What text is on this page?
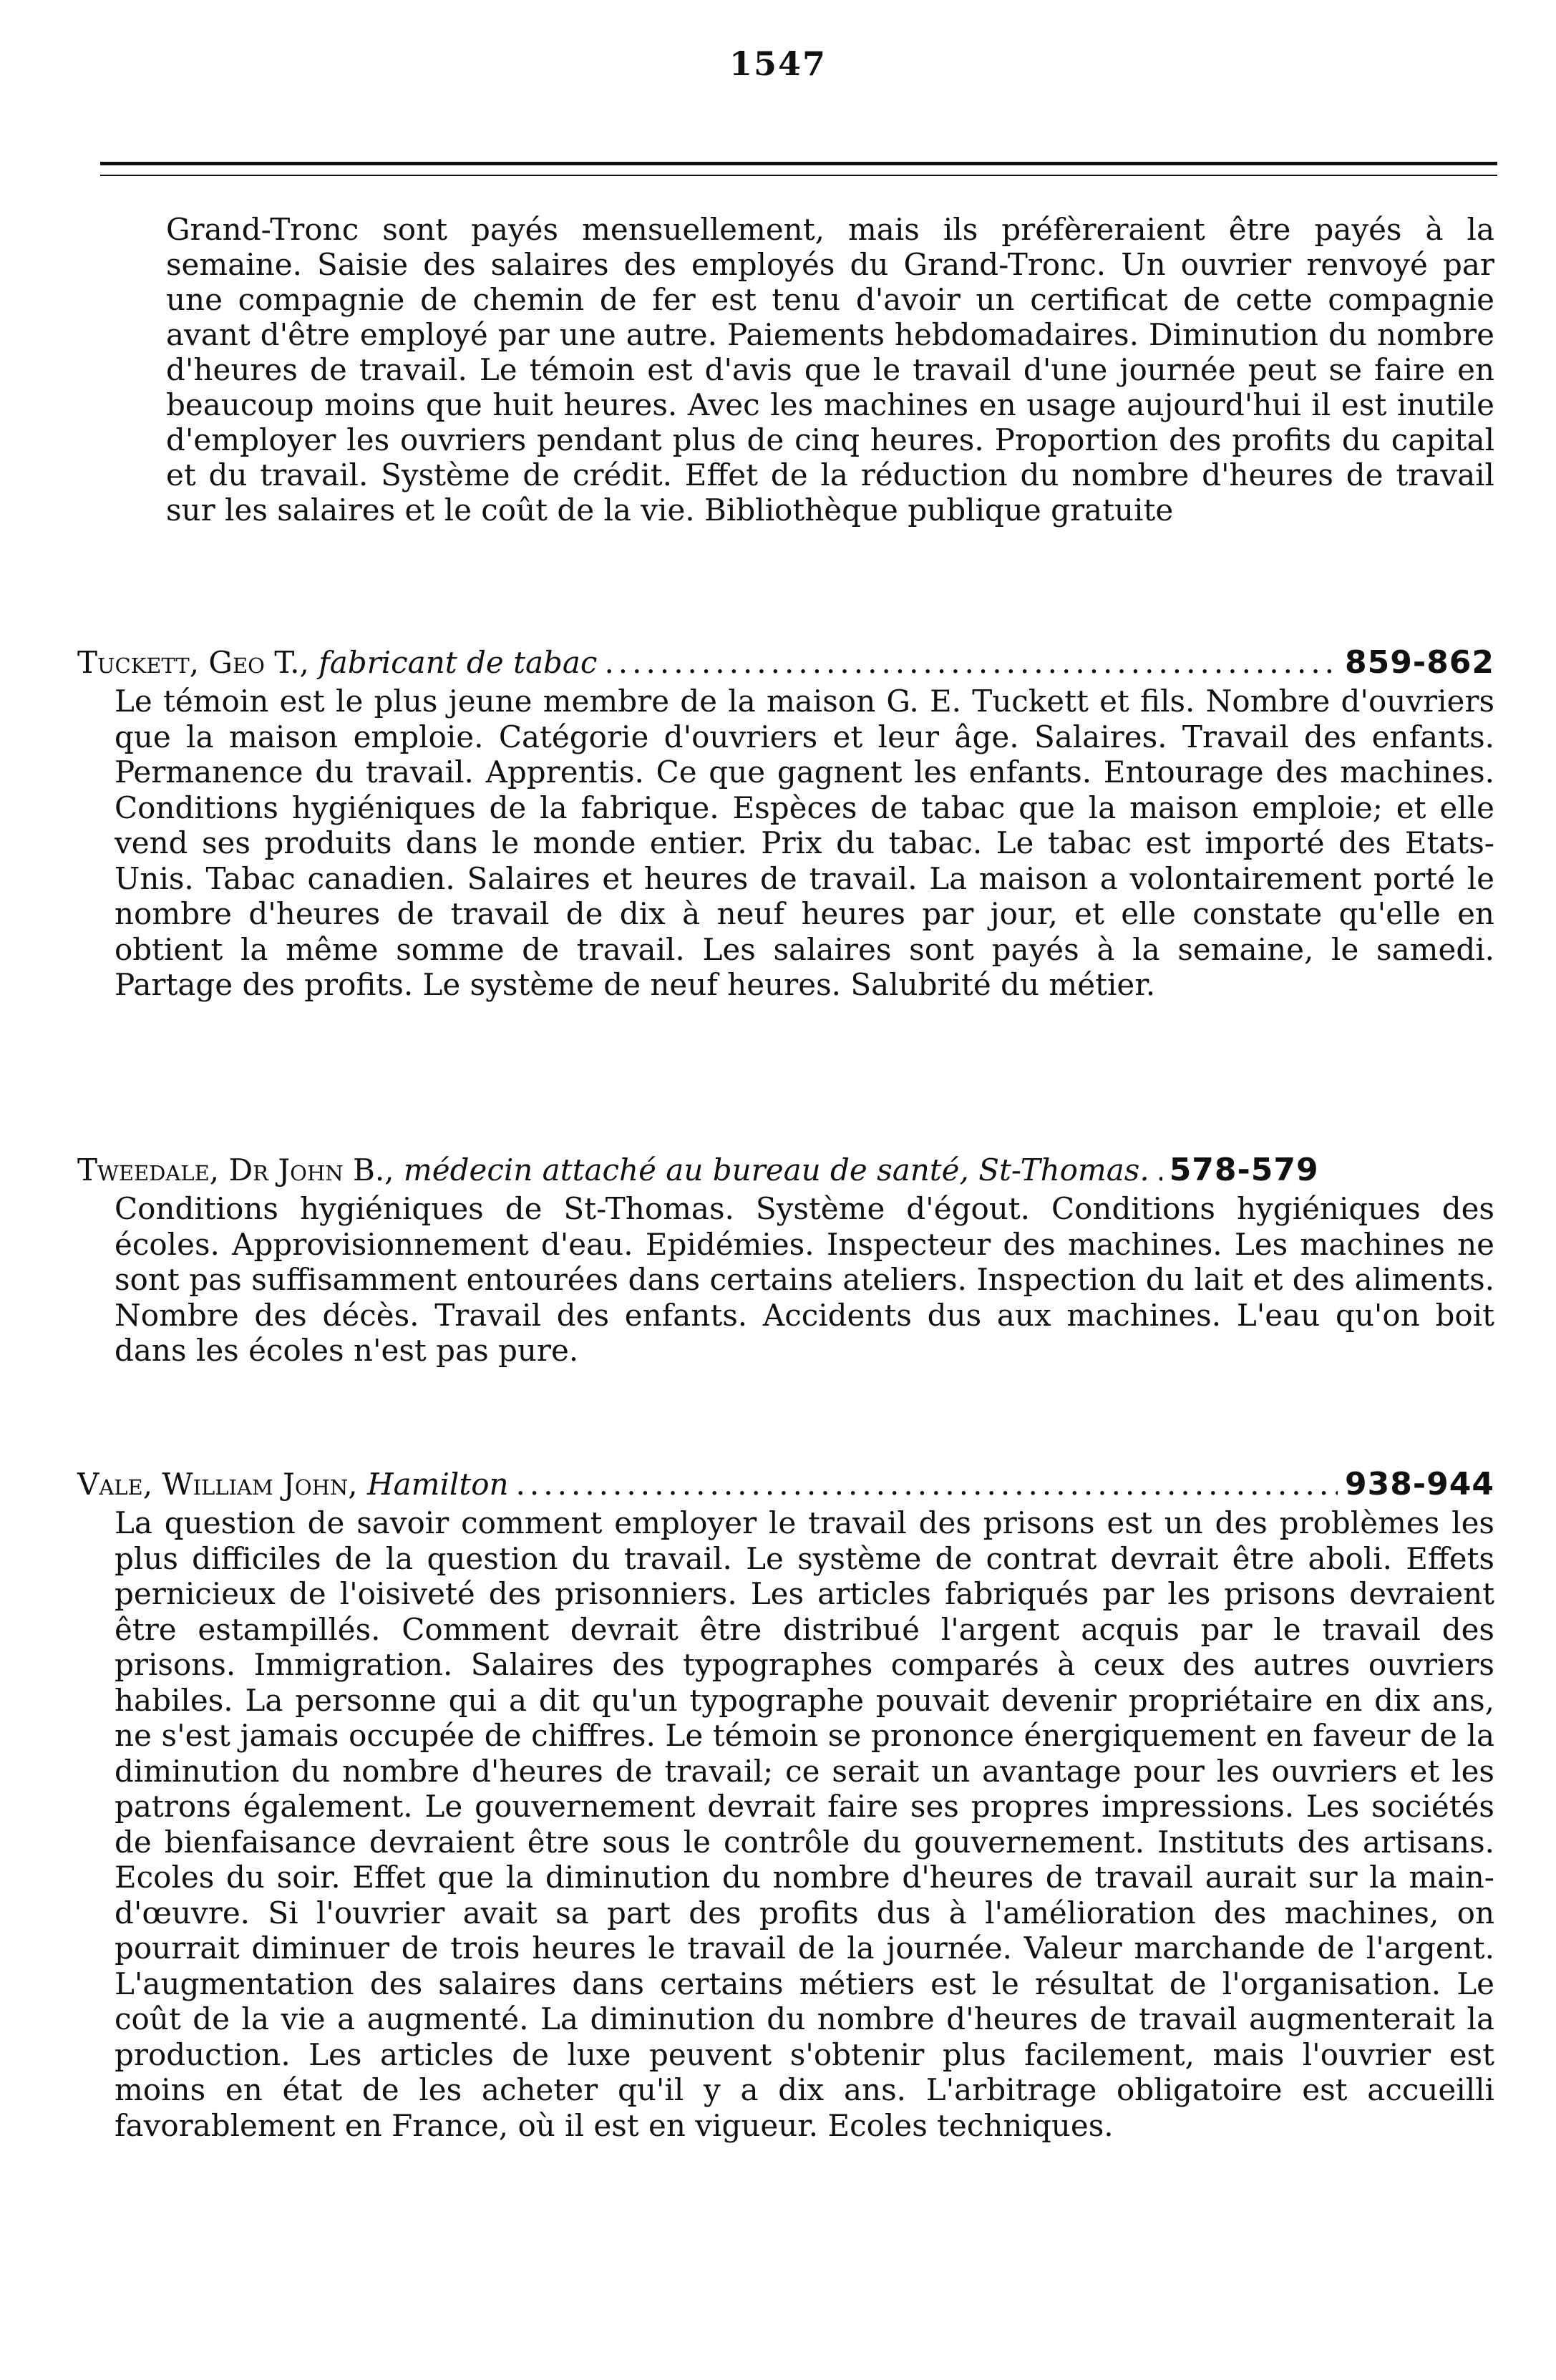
1547

Grand-Tronc sont payés mensuellement, mais ils préfèreraient être payés à la semaine. Saisie des salaires des employés du Grand-Tronc. Un ouvrier renvoyé par une compagnie de chemin de fer est tenu d'avoir un certificat de cette compagnie avant d'être employé par une autre. Paiements hebdomadaires. Diminution du nombre d'heures de travail. Le témoin est d'avis que le travail d'une journée peut se faire en beaucoup moins que huit heures. Avec les machines en usage aujourd'hui il est inutile d'employer les ouvriers pendant plus de cinq heures. Proportion des profits du capital et du travail. Système de crédit. Effet de la réduction du nombre d'heures de travail sur les salaires et le coût de la vie. Bibliothèque publique gratuite

Tuckett, Geo T.,
fabricant de tabac .....	859-862

Le témoin est le plus jeune membre de la maison G. E. Tuckett et fils. Nombre d'ouvriers que la maison emploie. Catégorie d'ouvriers et leur âge. Salaires. Travail des enfants. Permanence du travail. Apprentis. Ce que gagnent les enfants. Entourage des machines. Conditions hygiéniques de la fabrique. Espèces de tabac que la maison emploie; et elle vend ses produits dans le monde entier. Prix du tabac. Le tabac est importé des Etats-Unis. Tabac canadien. Salaires et heures de travail. La maison a volontairement porté le nombre d'heures de travail de dix à neuf heures par jour, et elle constate qu'elle en obtient la même somme de travail. Les salaires sont payés à la semaine, le samedi. Partage des profits. Le système de neuf heures. Salubrité du métier.

Tweedale, Dr John B.,
médecin attaché au bureau de santé, St-Thomas. ..... 578-579

Conditions hygiéniques de St-Thomas. Système d'égout. Conditions hygiéniques des écoles. Approvisionnement d'eau. Epidémies. Inspecteur des machines. Les machines ne sont pas suffisamment entourées dans certains ateliers. Inspection du lait et des aliments. Nombre des décès. Travail des enfants. Accidents dus aux machines. L'eau qu'on boit dans les écoles n'est pas pure.

Vale, William John,
Hamilton .....	938-944

La question de savoir comment employer le travail des prisons est un des problèmes les plus difficiles de la question du travail. Le système de contrat devrait être aboli. Effets pernicieux de l'oisiveté des prisonniers. Les articles fabriqués par les prisons devraient être estampillés. Comment devrait être distribué l'argent acquis par le travail des prisons. Immigration. Salaires des typographes comparés à ceux des autres ouvriers habiles. La personne qui a dit qu'un typographe pouvait devenir propriétaire en dix ans, ne s'est jamais occupée de chiffres. Le témoin se prononce énergiquement en faveur de la diminution du nombre d'heures de travail; ce serait un avantage pour les ouvriers et les patrons également. Le gouvernement devrait faire ses propres impressions. Les sociétés de bienfaisance devraient être sous le contrôle du gouvernement. Instituts des artisans. Ecoles du soir. Effet que la diminution du nombre d'heures de travail aurait sur la main-d'œuvre. Si l'ouvrier avait sa part des profits dus à l'amélioration des machines, on pourrait diminuer de trois heures le travail de la journée. Valeur marchande de l'argent. L'augmentation des salaires dans certains métiers est le résultat de l'organisation. Le coût de la vie a augmenté. La diminution du nombre d'heures de travail augmenterait la production. Les articles de luxe peuvent s'obtenir plus facilement, mais l'ouvrier est moins en état de les acheter qu'il y a dix ans. L'arbitrage obligatoire est accueilli favorablement en France, où il est en vigueur. Ecoles techniques.
